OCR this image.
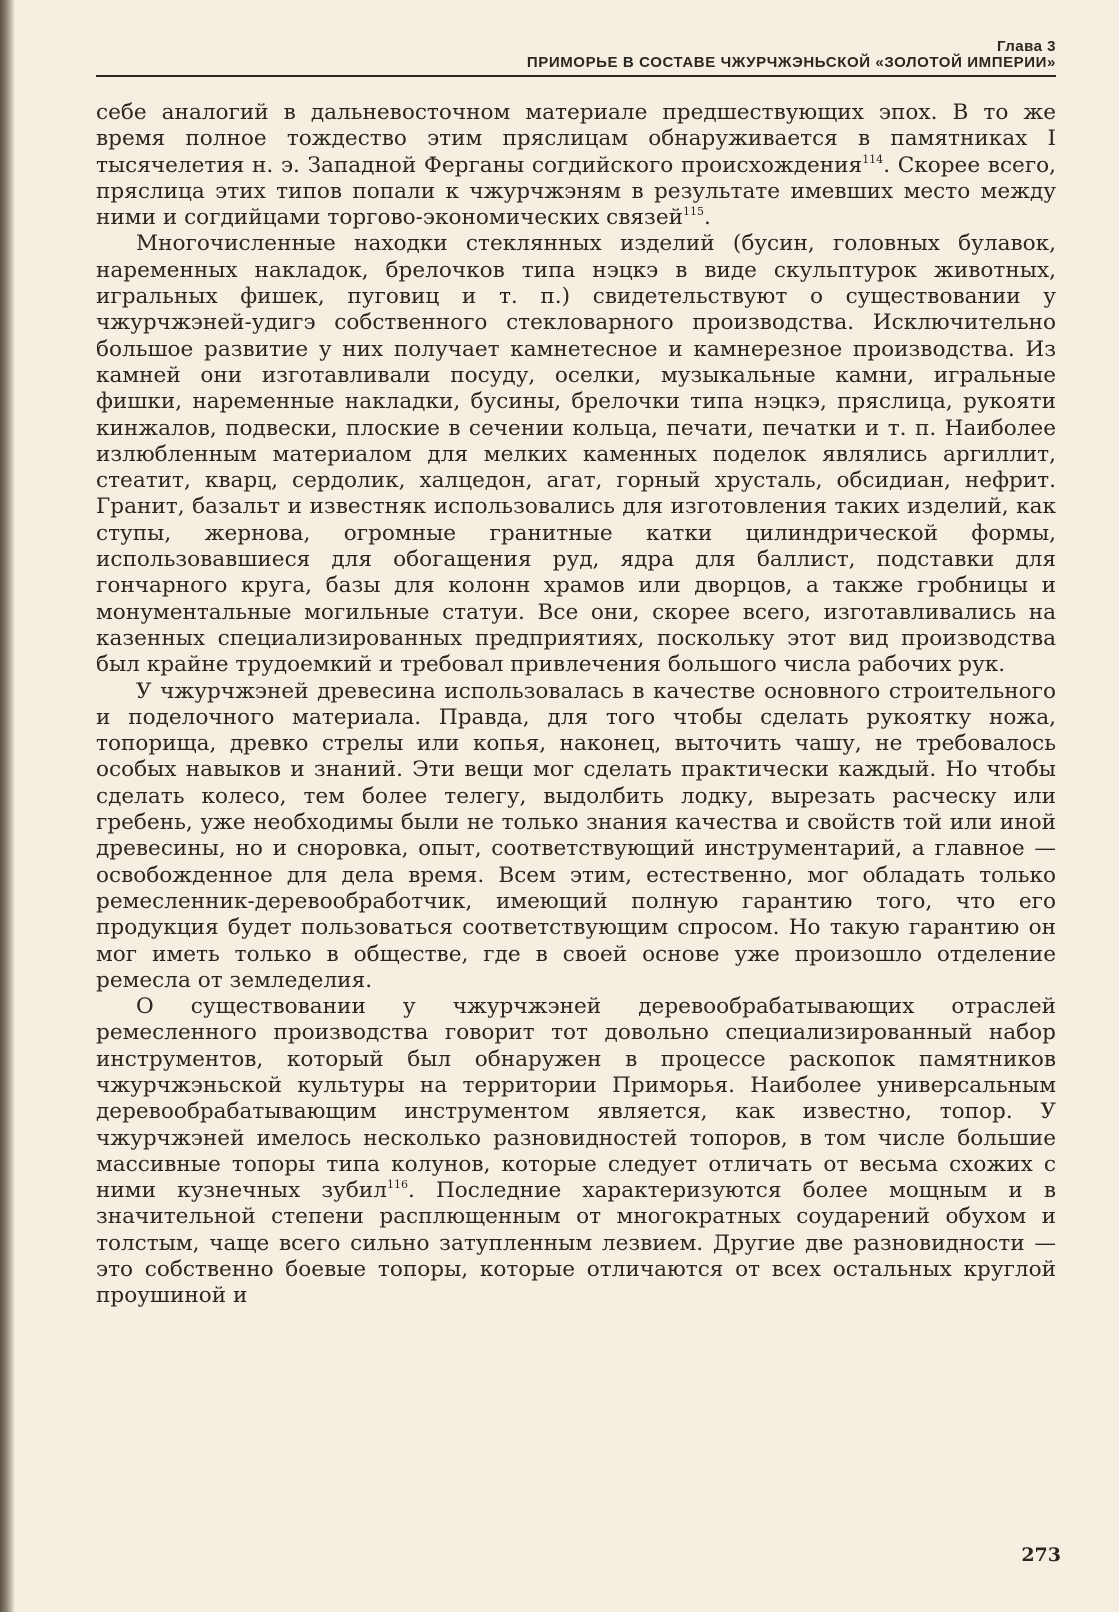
Глава 3
ПРИМОРЬЕ В СОСТАВЕ ЧЖУРЧЖЭНЬСКОЙ «ЗОЛОТОЙ ИМПЕРИИ»

себе аналогий в дальневосточном материале предшествующих эпох. В то же время полное тождество этим пряслицам обнаруживается в памятниках I тысячелетия н. э. Западной Ферганы согдийского происхождения$^{114}$. Скорее всего, пряслица этих типов попали к чжурчжэням в результате имевших место между ними и согдийцами торгово-экономических связей$^{115}$.

Многочисленные находки стеклянных изделий (бусин, головных булавок, наременных накладок, брелочков типа нэцкэ в виде скульптурок животных, игральных фишек, пуговиц и т. п.) свидетельствуют о существовании у чжурчжэней-удигэ собственного стекловарного производства. Исключительно большое развитие у них получает камнетесное и камнерезное производства. Из камней они изготавливали посуду, оселки, музыкальные камни, игральные фишки, наременные накладки, бусины, брелочки типа нэцкэ, пряслица, рукояти кинжалов, подвески, плоские в сечении кольца, печати, печатки и т. п. Наиболее излюбленным материалом для мелких каменных поделок являлись аргиллит, стеатит, кварц, сердолик, халцедон, агат, горный хрусталь, обсидиан, нефрит. Гранит, базальт и известняк использовались для изготовления таких изделий, как ступы, жернова, огромные гранитные катки цилиндрической формы, использовавшиеся для обогащения руд, ядра для баллист, подставки для гончарного круга, базы для колонн храмов или дворцов, а также гробницы и монументальные могильные статуи. Все они, скорее всего, изготавливались на казенных специализированных предприятиях, поскольку этот вид производства был крайне трудоемкий и требовал привлечения большого числа рабочих рук.

У чжурчжэней древесина использовалась в качестве основного строительного и поделочного материала. Правда, для того чтобы сделать рукоятку ножа, топорища, древко стрелы или копья, наконец, выточить чашу, не требовалось особых навыков и знаний. Эти вещи мог сделать практически каждый. Но чтобы сделать колесо, тем более телегу, выдолбить лодку, вырезать расческу или гребень, уже необходимы были не только знания качества и свойств той или иной древесины, но и сноровка, опыт, соответствующий инструментарий, а главное — освобожденное для дела время. Всем этим, естественно, мог обладать только ремесленник-деревообработчик, имеющий полную гарантию того, что его продукция будет пользоваться соответствующим спросом. Но такую гарантию он мог иметь только в обществе, где в своей основе уже произошло отделение ремесла от земледелия.

О существовании у чжурчжэней деревообрабатывающих отраслей ремесленного производства говорит тот довольно специализированный набор инструментов, который был обнаружен в процессе раскопок памятников чжурчжэньской культуры на территории Приморья. Наиболее универсальным деревообрабатывающим инструментом является, как известно, топор. У чжурчжэней имелось несколько разновидностей топоров, в том числе большие массивные топоры типа колунов, которые следует отличать от весьма схожих с ними кузнечных зубил$^{116}$. Последние характеризуются более мощным и в значительной степени расплющенным от многократных соударений обухом и толстым, чаще всего сильно затупленным лезвием. Другие две разновидности — это собственно боевые топоры, которые отличаются от всех остальных круглой проушиной и

273
